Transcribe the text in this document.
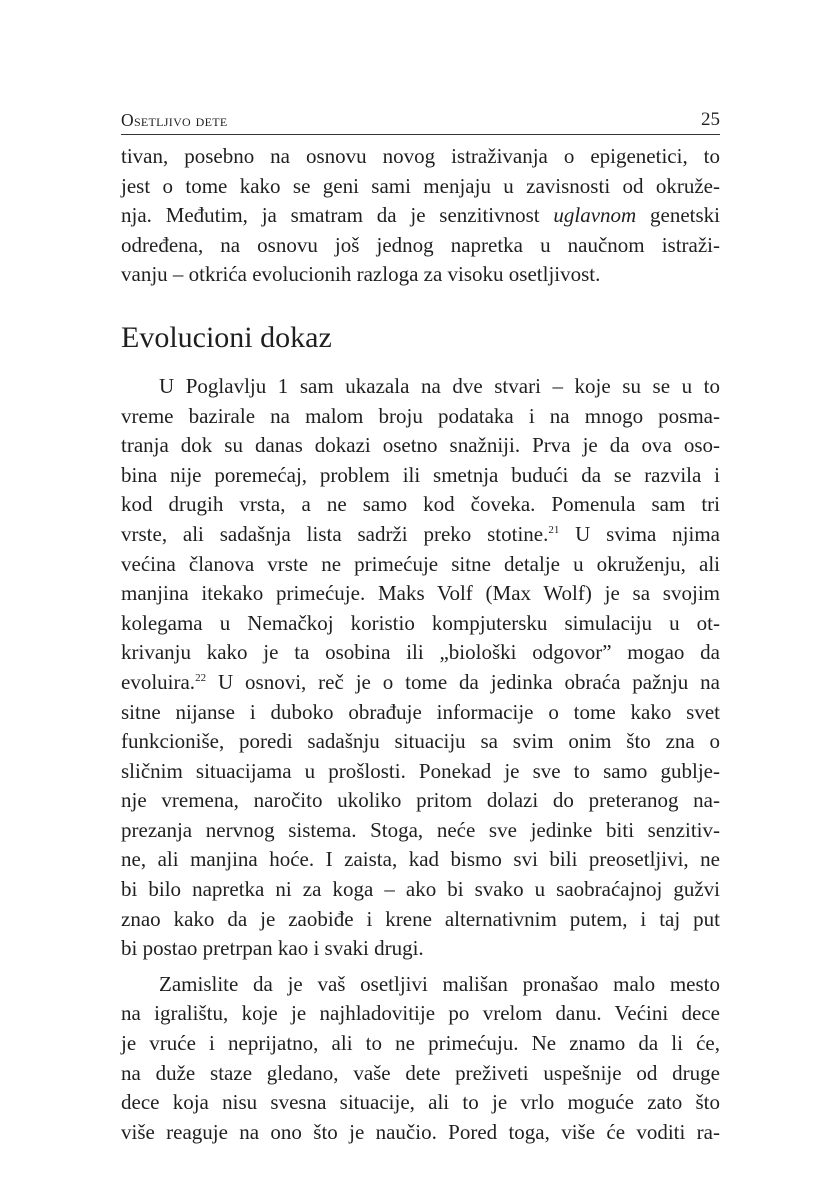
Osetljivo dete	25
tivan, posebno na osnovu novog istraživanja o epigenetici, to
jest o tome kako se geni sami menjaju u zavisnosti od okruže-
nja. Međutim, ja smatram da je senzitivnost uglavnom genetski
određena, na osnovu još jednog napretka u naučnom istraži-
vanju – otkrića evolucionih razloga za visoku osetljivost.
Evolucioni dokaz
U Poglavlju 1 sam ukazala na dve stvari – koje su se u to
vreme bazirale na malom broju podataka i na mnogo posma-
tranja dok su danas dokazi osetno snažniji. Prva je da ova oso-
bina nije poremećaj, problem ili smetnja budući da se razvila i
kod drugih vrsta, a ne samo kod čoveka. Pomenula sam tri
vrste, ali sadašnja lista sadrži preko stotine.$^{21}$ U svima njima
većina članova vrste ne primećuje sitne detalje u okruženju, ali
manjina itekako primećuje. Maks Volf (Max Wolf) je sa svojim
kolegama u Nemačkoj koristio kompjutersku simulaciju u ot-
krivanju kako je ta osobina ili „biološki odgovor” mogao da
evoluira.$^{22}$ U osnovi, reč je o tome da jedinka obraća pažnju na
sitne nijanse i duboko obrađuje informacije o tome kako svet
funkcioniše, poredi sadašnju situaciju sa svim onim što zna o
sličnim situacijama u prošlosti. Ponekad je sve to samo gublje-
nje vremena, naročito ukoliko pritom dolazi do preteranog na-
prezanja nervnog sistema. Stoga, neće sve jedinke biti senzitiv-
ne, ali manjina hoće. I zaista, kad bismo svi bili preosetljivi, ne
bi bilo napretka ni za koga – ako bi svako u saobraćajnoj gužvi
znao kako da je zaobiđe i krene alternativnim putem, i taj put
bi postao pretrpan kao i svaki drugi.
Zamislite da je vaš osetljivi mališan pronašao malo mesto
na igralištu, koje je najhladovitije po vrelom danu. Većini dece
je vruće i neprijatno, ali to ne primećuju. Ne znamo da li će,
na duže staze gledano, vaše dete preživeti uspešnije od druge
dece koja nisu svesna situacije, ali to je vrlo moguće zato što
više reaguje na ono što je naučio. Pored toga, više će voditi ra-
